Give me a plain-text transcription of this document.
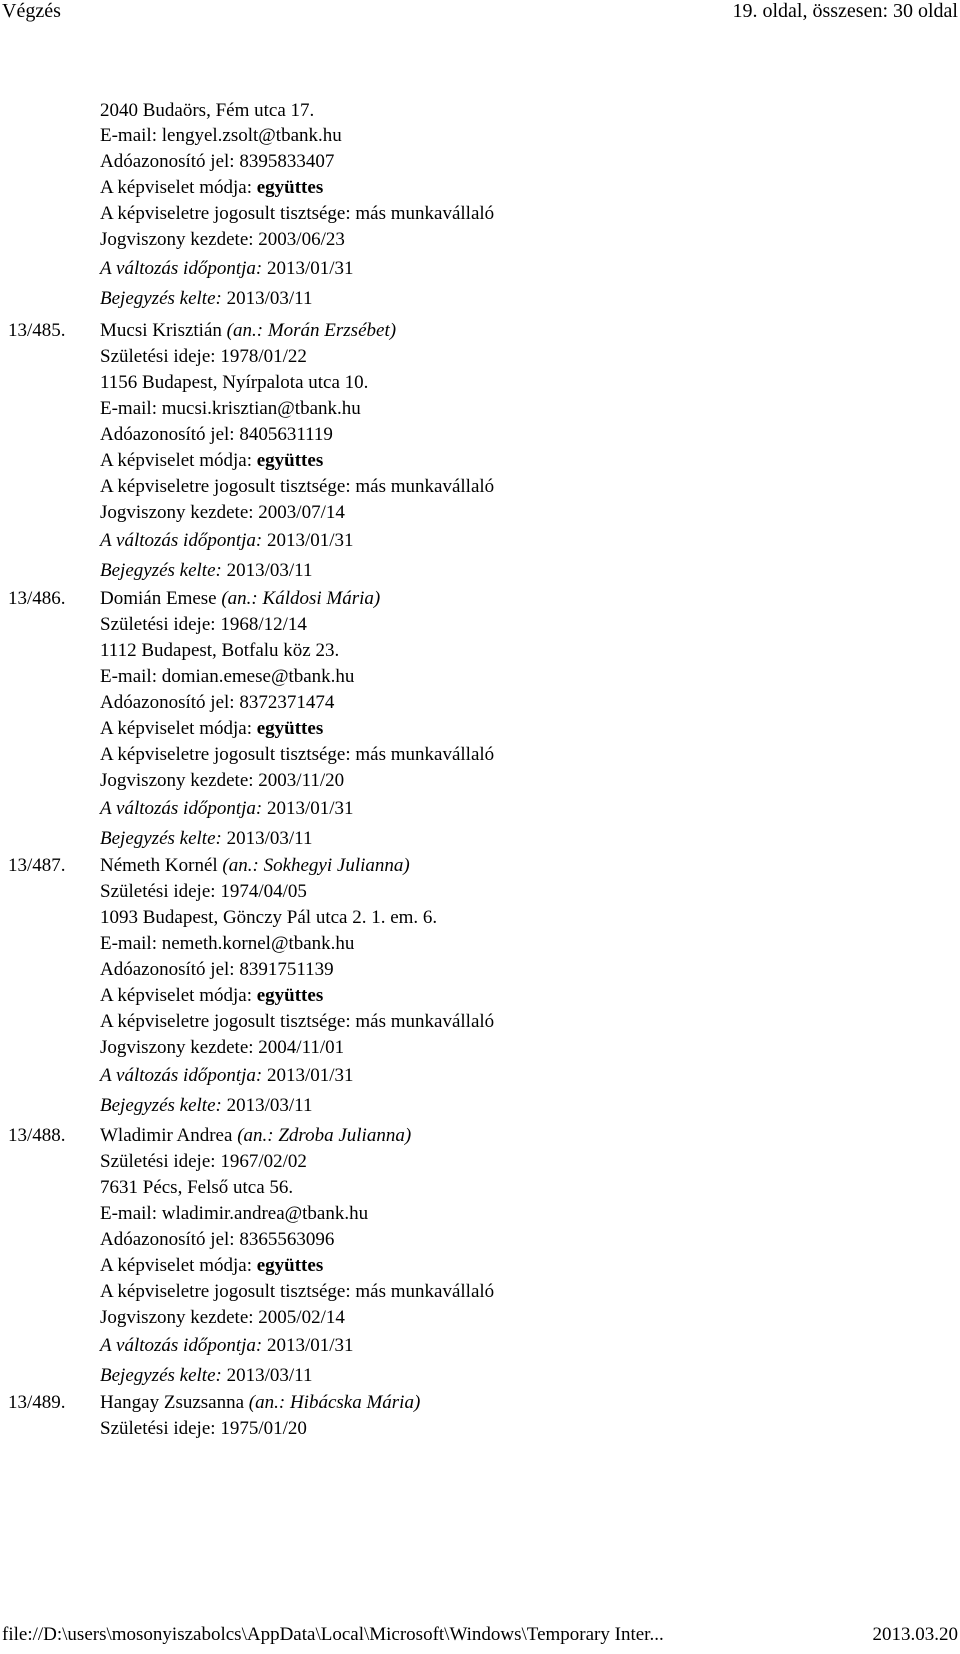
Végzés	19. oldal, összesen: 30 oldal
2040 Budaörs, Fém utca 17.
E-mail: lengyel.zsolt@tbank.hu
Adóazonosító jel: 8395833407
A képviselet módja: együttes
A képviseletre jogosult tisztsége: más munkavállaló
Jogviszony kezdete: 2003/06/23
A változás időpontja: 2013/01/31
Bejegyzés kelte: 2013/03/11
13/485. Mucsi Krisztián (an.: Morán Erzsébet)
Születési ideje: 1978/01/22
1156 Budapest, Nyírpalota utca 10.
E-mail: mucsi.krisztian@tbank.hu
Adóazonosító jel: 8405631119
A képviselet módja: együttes
A képviseletre jogosult tisztsége: más munkavállaló
Jogviszony kezdete: 2003/07/14
A változás időpontja: 2013/01/31
Bejegyzés kelte: 2013/03/11
13/486. Domián Emese (an.: Káldosi Mária)
Születési ideje: 1968/12/14
1112 Budapest, Botfalu köz 23.
E-mail: domian.emese@tbank.hu
Adóazonosító jel: 8372371474
A képviselet módja: együttes
A képviseletre jogosult tisztsége: más munkavállaló
Jogviszony kezdete: 2003/11/20
A változás időpontja: 2013/01/31
Bejegyzés kelte: 2013/03/11
13/487. Németh Kornél (an.: Sokhegyi Julianna)
Születési ideje: 1974/04/05
1093 Budapest, Gönczy Pál utca 2. 1. em. 6.
E-mail: nemeth.kornel@tbank.hu
Adóazonosító jel: 8391751139
A képviselet módja: együttes
A képviseletre jogosult tisztsége: más munkavállaló
Jogviszony kezdete: 2004/11/01
A változás időpontja: 2013/01/31
Bejegyzés kelte: 2013/03/11
13/488. Wladimir Andrea (an.: Zdroba Julianna)
Születési ideje: 1967/02/02
7631 Pécs, Felső utca 56.
E-mail: wladimir.andrea@tbank.hu
Adóazonosító jel: 8365563096
A képviselet módja: együttes
A képviseletre jogosult tisztsége: más munkavállaló
Jogviszony kezdete: 2005/02/14
A változás időpontja: 2013/01/31
Bejegyzés kelte: 2013/03/11
13/489. Hangay Zsuzsanna (an.: Hibácska Mária)
Születési ideje: 1975/01/20
file://D:\users\mosonyiszabolcs\AppData\Local\Microsoft\Windows\Temporary Inter...	2013.03.20
